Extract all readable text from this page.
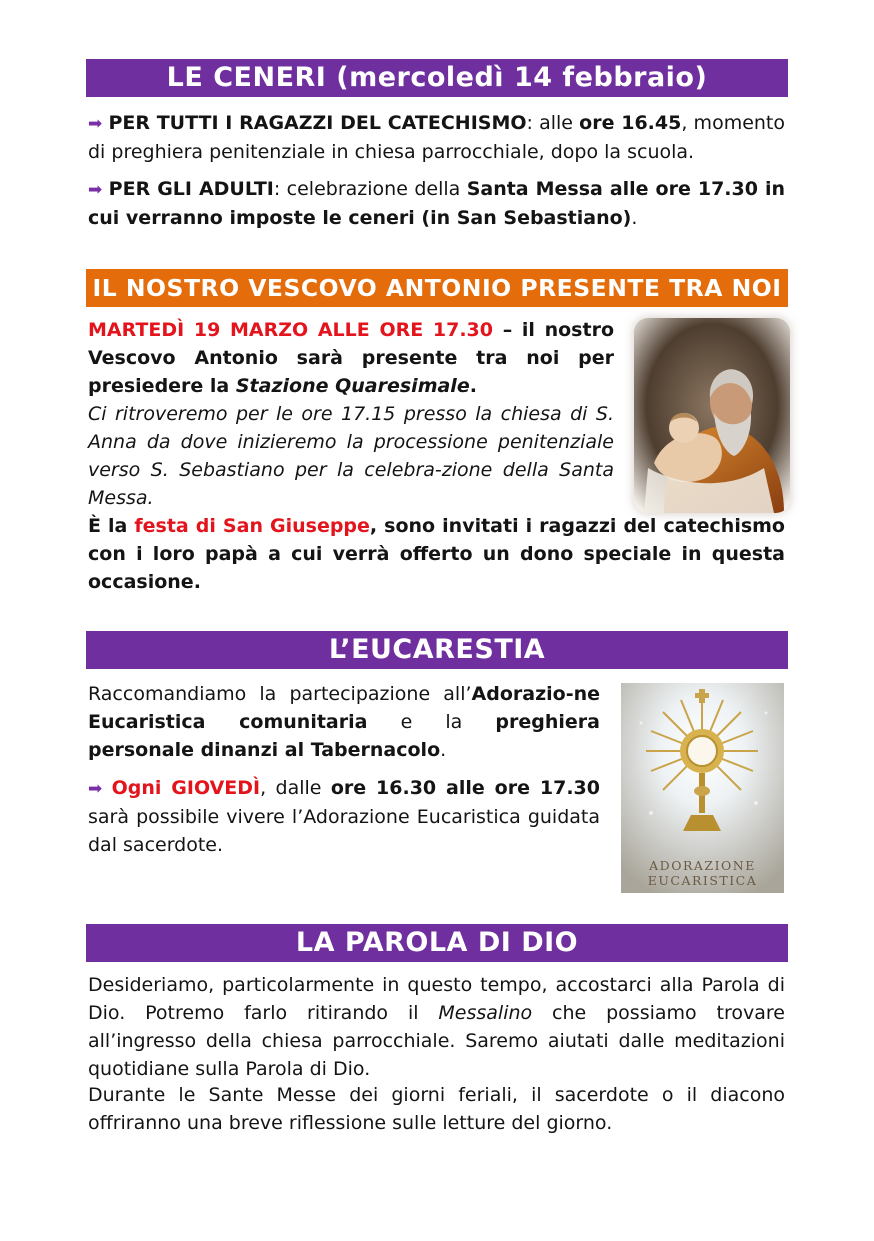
LE CENERI (mercoledì 14 febbraio)
➡ PER TUTTI I RAGAZZI DEL CATECHISMO: alle ore 16.45, momento di preghiera penitenziale in chiesa parrocchiale, dopo la scuola.
➡ PER GLI ADULTI: celebrazione della Santa Messa alle ore 17.30 in cui verranno imposte le ceneri (in San Sebastiano).
IL NOSTRO VESCOVO ANTONIO PRESENTE TRA NOI
MARTEDÌ 19 MARZO ALLE ORE 17.30 – il nostro Vescovo Antonio sarà presente tra noi per presiedere la Stazione Quaresimale.
Ci ritroveremo per le ore 17.15 presso la chiesa di S. Anna da dove inizieremo la processione penitenziale verso S. Sebastiano per la celebra-zione della Santa Messa.
È la festa di San Giuseppe, sono invitati i ragazzi del catechismo con i loro papà a cui verrà offerto un dono speciale in questa occasione.
L’EUCARESTIA
Raccomandiamo la partecipazione all’Adorazio-ne Eucaristica comunitaria e la preghiera personale dinanzi al Tabernacolo.
➡ Ogni GIOVEDÌ, dalle ore 16.30 alle ore 17.30 sarà possibile vivere l’Adorazione Eucaristica guidata dal sacerdote.
ADORAZIONE
EUCARISTICA
LA PAROLA DI DIO
Desideriamo, particolarmente in questo tempo, accostarci alla Parola di Dio. Potremo farlo ritirando il Messalino che possiamo trovare all’ingresso della chiesa parrocchiale. Saremo aiutati dalle meditazioni quotidiane sulla Parola di Dio.
Durante le Sante Messe dei giorni feriali, il sacerdote o il diacono offriranno una breve riflessione sulle letture del giorno.
